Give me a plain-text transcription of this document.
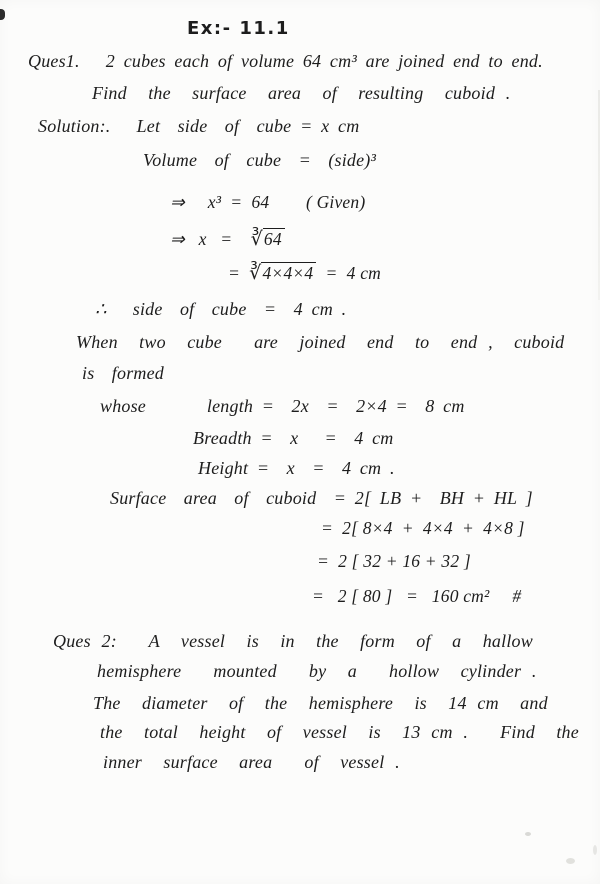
Ex:- 11.1
Ques1.   2 cubes each of volume 64 cm³ are joined end to end.
Find  the  surface  area  of  resulting  cuboid .
Solution:.   Let  side  of  cube = x cm
Volume  of  cube  =  (side)³
⇒     x³  =  64        ( Given)
⇒   x   =    ∛64
=  ∛4×4×4  =  4 cm
∴   side  of  cube  =  4 cm .
When  two  cube   are  joined  end  to  end ,  cuboid
is  formed
whose       length =  2x  =  2×4 =  8 cm
Breadth =  x   =  4 cm
Height =  x  =  4 cm .
Surface  area  of  cuboid  = 2[ LB +  BH + HL ]
=  2[ 8×4  +  4×4  +  4×8 ]
=  2 [ 32 + 16 + 32 ]
=   2 [ 80 ]   =   160 cm²     #
Ques 2:   A  vessel  is  in  the  form  of  a  hallow
hemisphere   mounted   by  a   hollow  cylinder .
The  diameter  of  the  hemisphere  is  14 cm  and
the  total  height  of  vessel  is  13 cm .   Find  the
inner  surface  area   of  vessel .
